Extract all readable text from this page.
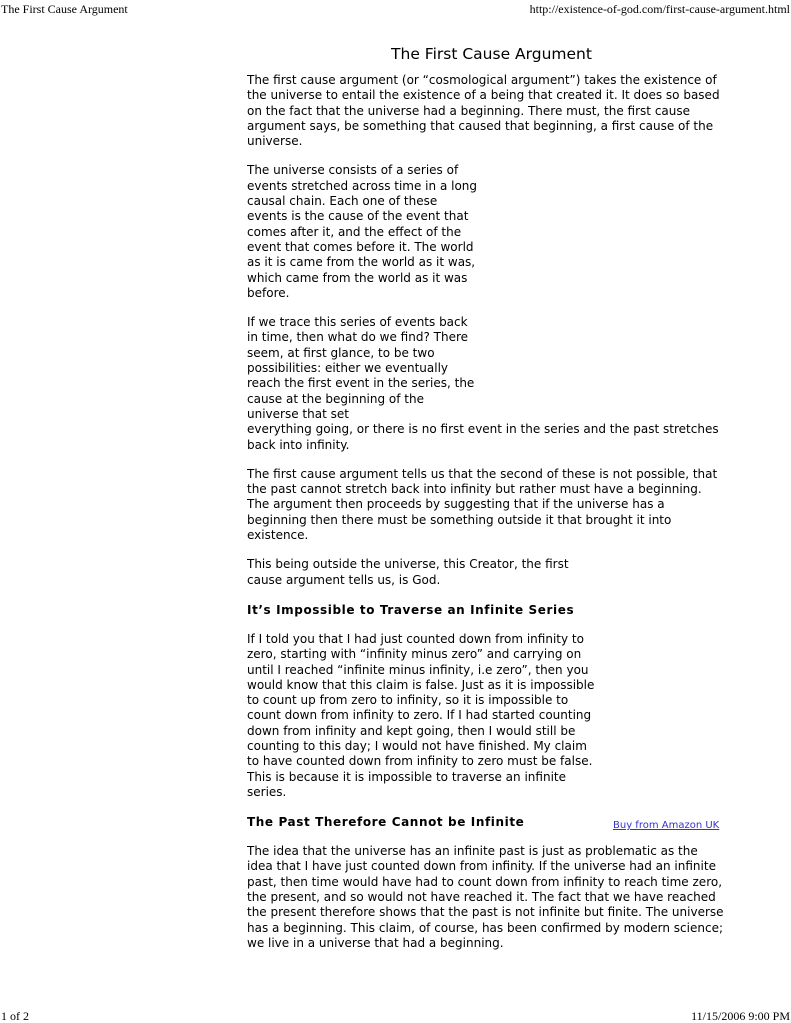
The First Cause Argument	http://existence-of-god.com/first-cause-argument.html
The First Cause Argument

The first cause argument (or “cosmological argument”) takes the existence of the universe to entail the existence of a being that created it. It does so based on the fact that the universe had a beginning. There must, the first cause argument says, be something that caused that beginning, a first cause of the universe.

The universe consists of a series of events stretched across time in a long causal chain. Each one of these events is the cause of the event that comes after it, and the effect of the event that comes before it. The world as it is came from the world as it was, which came from the world as it was before.

If we trace this series of events back in time, then what do we find? There seem, at first glance, to be two possibilities: either we eventually reach the first event in the series, the cause at the beginning of the universe that set
everything going, or there is no first event in the series and the past stretches back into infinity.

The first cause argument tells us that the second of these is not possible, that the past cannot stretch back into infinity but rather must have a beginning. The argument then proceeds by suggesting that if the universe has a beginning then there must be something outside it that brought it into existence.

This being outside the universe, this Creator, the first cause argument tells us, is God.

It’s Impossible to Traverse an Infinite Series

If I told you that I had just counted down from infinity to zero, starting with “infinity minus zero” and carrying on until I reached “infinite minus infinity, i.e zero”, then you would know that this claim is false. Just as it is impossible to count up from zero to infinity, so it is impossible to count down from infinity to zero. If I had started counting down from infinity and kept going, then I would still be counting to this day; I would not have finished. My claim to have counted down from infinity to zero must be false. This is because it is impossible to traverse an infinite series.

The Past Therefore Cannot be Infinite

The idea that the universe has an infinite past is just as problematic as the idea that I have just counted down from infinity. If the universe had an infinite past, then time would have had to count down from infinity to reach time zero, the present, and so would not have reached it. The fact that we have reached the present therefore shows that the past is not infinite but finite. The universe has a beginning. This claim, of course, has been confirmed by modern science; we live in a universe that had a beginning.

Buy from Amazon UK
1 of 2	11/15/2006 9:00 PM
